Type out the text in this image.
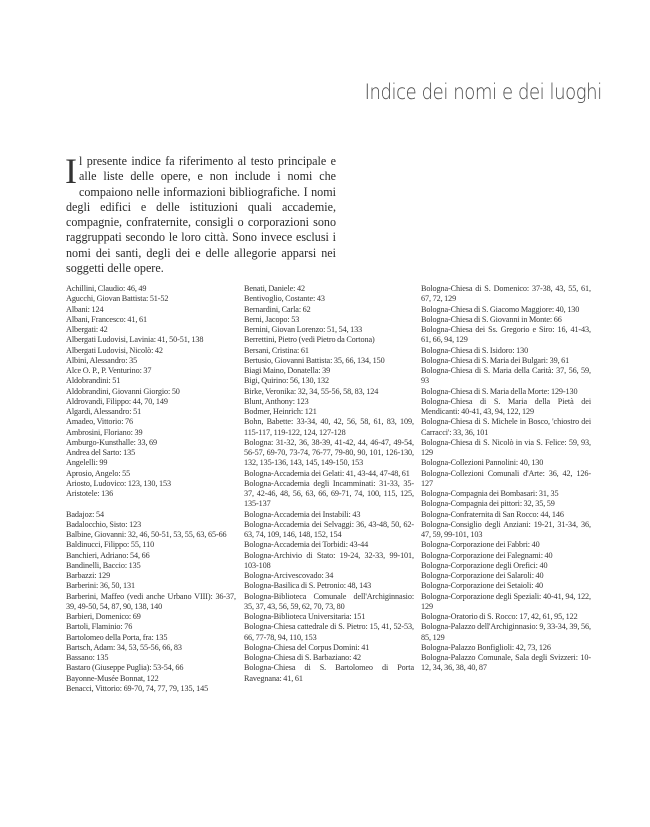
Indice dei nomi e dei luoghi
Il presente indice fa riferimento al testo principale e alle liste delle opere, e non include i nomi che compaiono nelle informazioni bibliografiche. I nomi degli edifici e delle istituzioni quali accademie, compagnie, confraternite, consigli o corporazioni sono raggruppati secondo le loro città. Sono invece esclusi i nomi dei santi, degli dei e delle allegorie apparsi nei soggetti delle opere.
Achillini, Claudio: 46, 49
Agucchi, Giovan Battista: 51-52
Albani: 124
Albani, Francesco: 41, 61
Albergati: 42
Albergati Ludovisi, Lavinia: 41, 50-51, 138
Albergati Ludovisi, Nicolò: 42
Albini, Alessandro: 35
Alce O. P., P. Venturino: 37
Aldobrandini: 51
Aldobrandini, Giovanni Giorgio: 50
Aldrovandi, Filippo: 44, 70, 149
Algardi, Alessandro: 51
Amadeo, Vittorio: 76
Ambrosini, Floriano: 39
Amburgo-Kunsthalle: 33, 69
Andrea del Sarto: 135
Angelelli: 99
Aprosio, Angelo: 55
Ariosto, Ludovico: 123, 130, 153
Aristotele: 136
Badajoz: 54
Badalocchio, Sisto: 123
Balbine, Giovanni: 32, 46, 50-51, 53, 55, 63, 65-66
Baldinucci, Filippo: 55, 110
Banchieri, Adriano: 54, 66
Bandinelli, Baccio: 135
Barbazzi: 129
Barberini: 36, 50, 131
Barberini, Maffeo (vedi anche Urbano VIII): 36-37, 39, 49-50, 54, 87, 90, 138, 140
Barbieri, Domenico: 69
Bartoli, Flaminio: 76
Bartolomeo della Porta, fra: 135
Bartsch, Adam: 34, 53, 55-56, 66, 83
Bassano: 135
Bastaro (Giuseppe Puglia): 53-54, 66
Bayonne-Musée Bonnat, 122
Benacci, Vittorio: 69-70, 74, 77, 79, 135, 145
Benati, Daniele: 42
Bentivoglio, Costante: 43
Bernardini, Carla: 62
Berni, Jacopo: 53
Bernini, Giovan Lorenzo: 51, 54, 133
Berrettini, Pietro (vedi Pietro da Cortona)
Bersani, Cristina: 61
Bertusio, Giovanni Battista: 35, 66, 134, 150
Biagi Maino, Donatella: 39
Bigi, Quirino: 56, 130, 132
Birke, Veronika: 32, 34, 55-56, 58, 83, 124
Blunt, Anthony: 123
Bodmer, Heinrich: 121
Bohn, Babette: 33-34, 40, 42, 56, 58, 61, 83, 109, 115-117, 119-122, 124, 127-128
Bologna: 31-32, 36, 38-39, 41-42, 44, 46-47, 49-54, 56-57, 69-70, 73-74, 76-77, 79-80, 90, 101, 126-130, 132, 135-136, 143, 145, 149-150, 153
Bologna-Accademia dei Gelati: 41, 43-44, 47-48, 61
Bologna-Accademia degli Incamminati: 31-33, 35-37, 42-46, 48, 56, 63, 66, 69-71, 74, 100, 115, 125, 135-137
Bologna-Accademia dei Instabili: 43
Bologna-Accademia dei Selvaggi: 36, 43-48, 50, 62-63, 74, 109, 146, 148, 152, 154
Bologna-Accademia dei Torbidi: 43-44
Bologna-Archivio di Stato: 19-24, 32-33, 99-101, 103-108
Bologna-Arcivescovado: 34
Bologna-Basilica di S. Petronio: 48, 143
Bologna-Biblioteca Comunale dell'Archiginnasio: 35, 37, 43, 56, 59, 62, 70, 73, 80
Bologna-Biblioteca Universitaria: 151
Bologna-Chiesa cattedrale di S. Pietro: 15, 41, 52-53, 66, 77-78, 94, 110, 153
Bologna-Chiesa del Corpus Domini: 41
Bologna-Chiesa di S. Barbaziano: 42
Bologna-Chiesa di S. Bartolomeo di Porta Ravegnana: 41, 61
Bologna-Chiesa di S. Domenico: 37-38, 43, 55, 61, 67, 72, 129
Bologna-Chiesa di S. Giacomo Maggiore: 40, 130
Bologna-Chiesa di S. Giovanni in Monte: 66
Bologna-Chiesa dei Ss. Gregorio e Siro: 16, 41-43, 61, 66, 94, 129
Bologna-Chiesa di S. Isidoro: 130
Bologna-Chiesa di S. Maria dei Bulgari: 39, 61
Bologna-Chiesa di S. Maria della Carità: 37, 56, 59, 93
Bologna-Chiesa di S. Maria della Morte: 129-130
Bologna-Chiesa di S. Maria della Pietà dei Mendicanti: 40-41, 43, 94, 122, 129
Bologna-Chiesa di S. Michele in Bosco, 'chiostro dei Carracci': 33, 36, 101
Bologna-Chiesa di S. Nicolò in via S. Felice: 59, 93, 129
Bologna-Collezioni Pannolini: 40, 130
Bologna-Collezioni Comunali d'Arte: 36, 42, 126-127
Bologna-Compagnia dei Bombasari: 31, 35
Bologna-Compagnia dei pittori: 32, 35, 59
Bologna-Confraternita di San Rocco: 44, 146
Bologna-Consiglio degli Anziani: 19-21, 31-34, 36, 47, 59, 99-101, 103
Bologna-Corporazione dei Fabbri: 40
Bologna-Corporazione dei Falegnami: 40
Bologna-Corporazione degli Orefici: 40
Bologna-Corporazione dei Salaroli: 40
Bologna-Corporazione dei Setaioli: 40
Bologna-Corporazione degli Speziali: 40-41, 94, 122, 129
Bologna-Oratorio di S. Rocco: 17, 42, 61, 95, 122
Bologna-Palazzo dell'Archiginnasio: 9, 33-34, 39, 56, 85, 129
Bologna-Palazzo Bonfiglioli: 42, 73, 126
Bologna-Palazzo Comunale, Sala degli Svizzeri: 10-12, 34, 36, 38, 40, 87
